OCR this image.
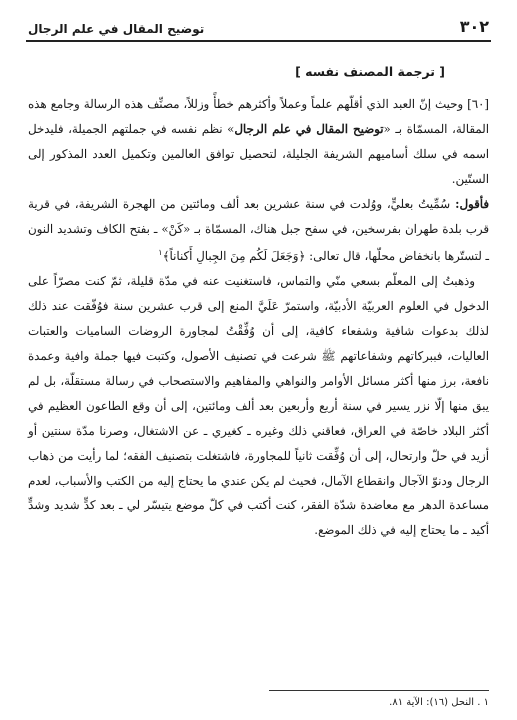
٣٠٢
توضيح المقال في علم الرجال
[ ترجمة المصنف نفسه ]

[٦٠] وحيث إنّ العبد الذي أقلّهم علماً وعملاً وأكثرهم خطأً وزللاً، مصنِّف هذه الرسالة وجامع هذه المقالة، المسمّاة بـ «توضيح المقال في علم الرجال» نظم نفسه في جملتهم الجميلة، فليدخل اسمه في سلك أساميهم الشريفة الجليلة، لتحصيل توافق العالمين وتكميل العدد المذكور إلى الستّين.

فأقول: سُمِّيتُ بعليٍّ، ووُلدت في سنة عشرين بعد ألف ومائتين من الهجرة الشريفة، في قرية قرب بلدة طهران بفرسخين، في سفح جبل هناك، المسمّاة بـ «كَنْ» ـ بفتح الكاف وتشديد النون ـ لتستّرها بانخفاض محلّها، قال تعالى: ﴿وَجَعَلَ لَكُم مِنَ الجِبالِ أَكناناً﴾$^١$

وذهبتُ إلى المعلّم بسعي منّي والتماس، فاستغنيت عنه في مدّة قليلة، ثمّ كنت مصرّاً على الدخول في العلوم العربيّة الأدبيّة، واستمرّ عَلَيَّ المنع إلى قرب عشرين سنة فوُفّقت عند ذلك لذلك بدعوات شافية وشفعاء كافية، إلى أن وُفِّقْتُ لمجاورة الروضات الساميات والعتبات العاليات، فببركاتهم وشفاعاتهم ﷺ شرعت في تصنيف الأصول، وكتبت فيها جملة وافية وعمدة نافعة، برز منها أكثر مسائل الأوامر والنواهي والمفاهيم والاستصحاب في رسالة مستقلّة، بل لم يبق منها إلّا نزر يسير في سنة أربع وأربعين بعد ألف ومائتين، إلى أن وقع الطاعون العظيم في أكثر البلاد خاصّة في العراق، فعاقني ذلك وغيره ـ كغيري ـ عن الاشتغال، وصرنا مدّة سنتين أو أزيد في حلّ وارتحال، إلى أن وُفِّقت ثانياً للمجاورة، فاشتغلت بتصنيف الفقه؛ لما رأيت من ذهاب الرجال ودنوّ الآجال وانقطاع الآمال، فحيث لم يكن عندي ما يحتاج إليه من الكتب والأسباب، لعدم مساعدة الدهر مع معاضدة شدّة الفقر، كنت أكتب في كلّ موضع يتيسّر لي ـ بعد كدٍّ شديد وشدٍّ أكيد ـ ما يحتاج إليه في ذلك الموضع.

١ . النحل (١٦): الآية ٨١.
